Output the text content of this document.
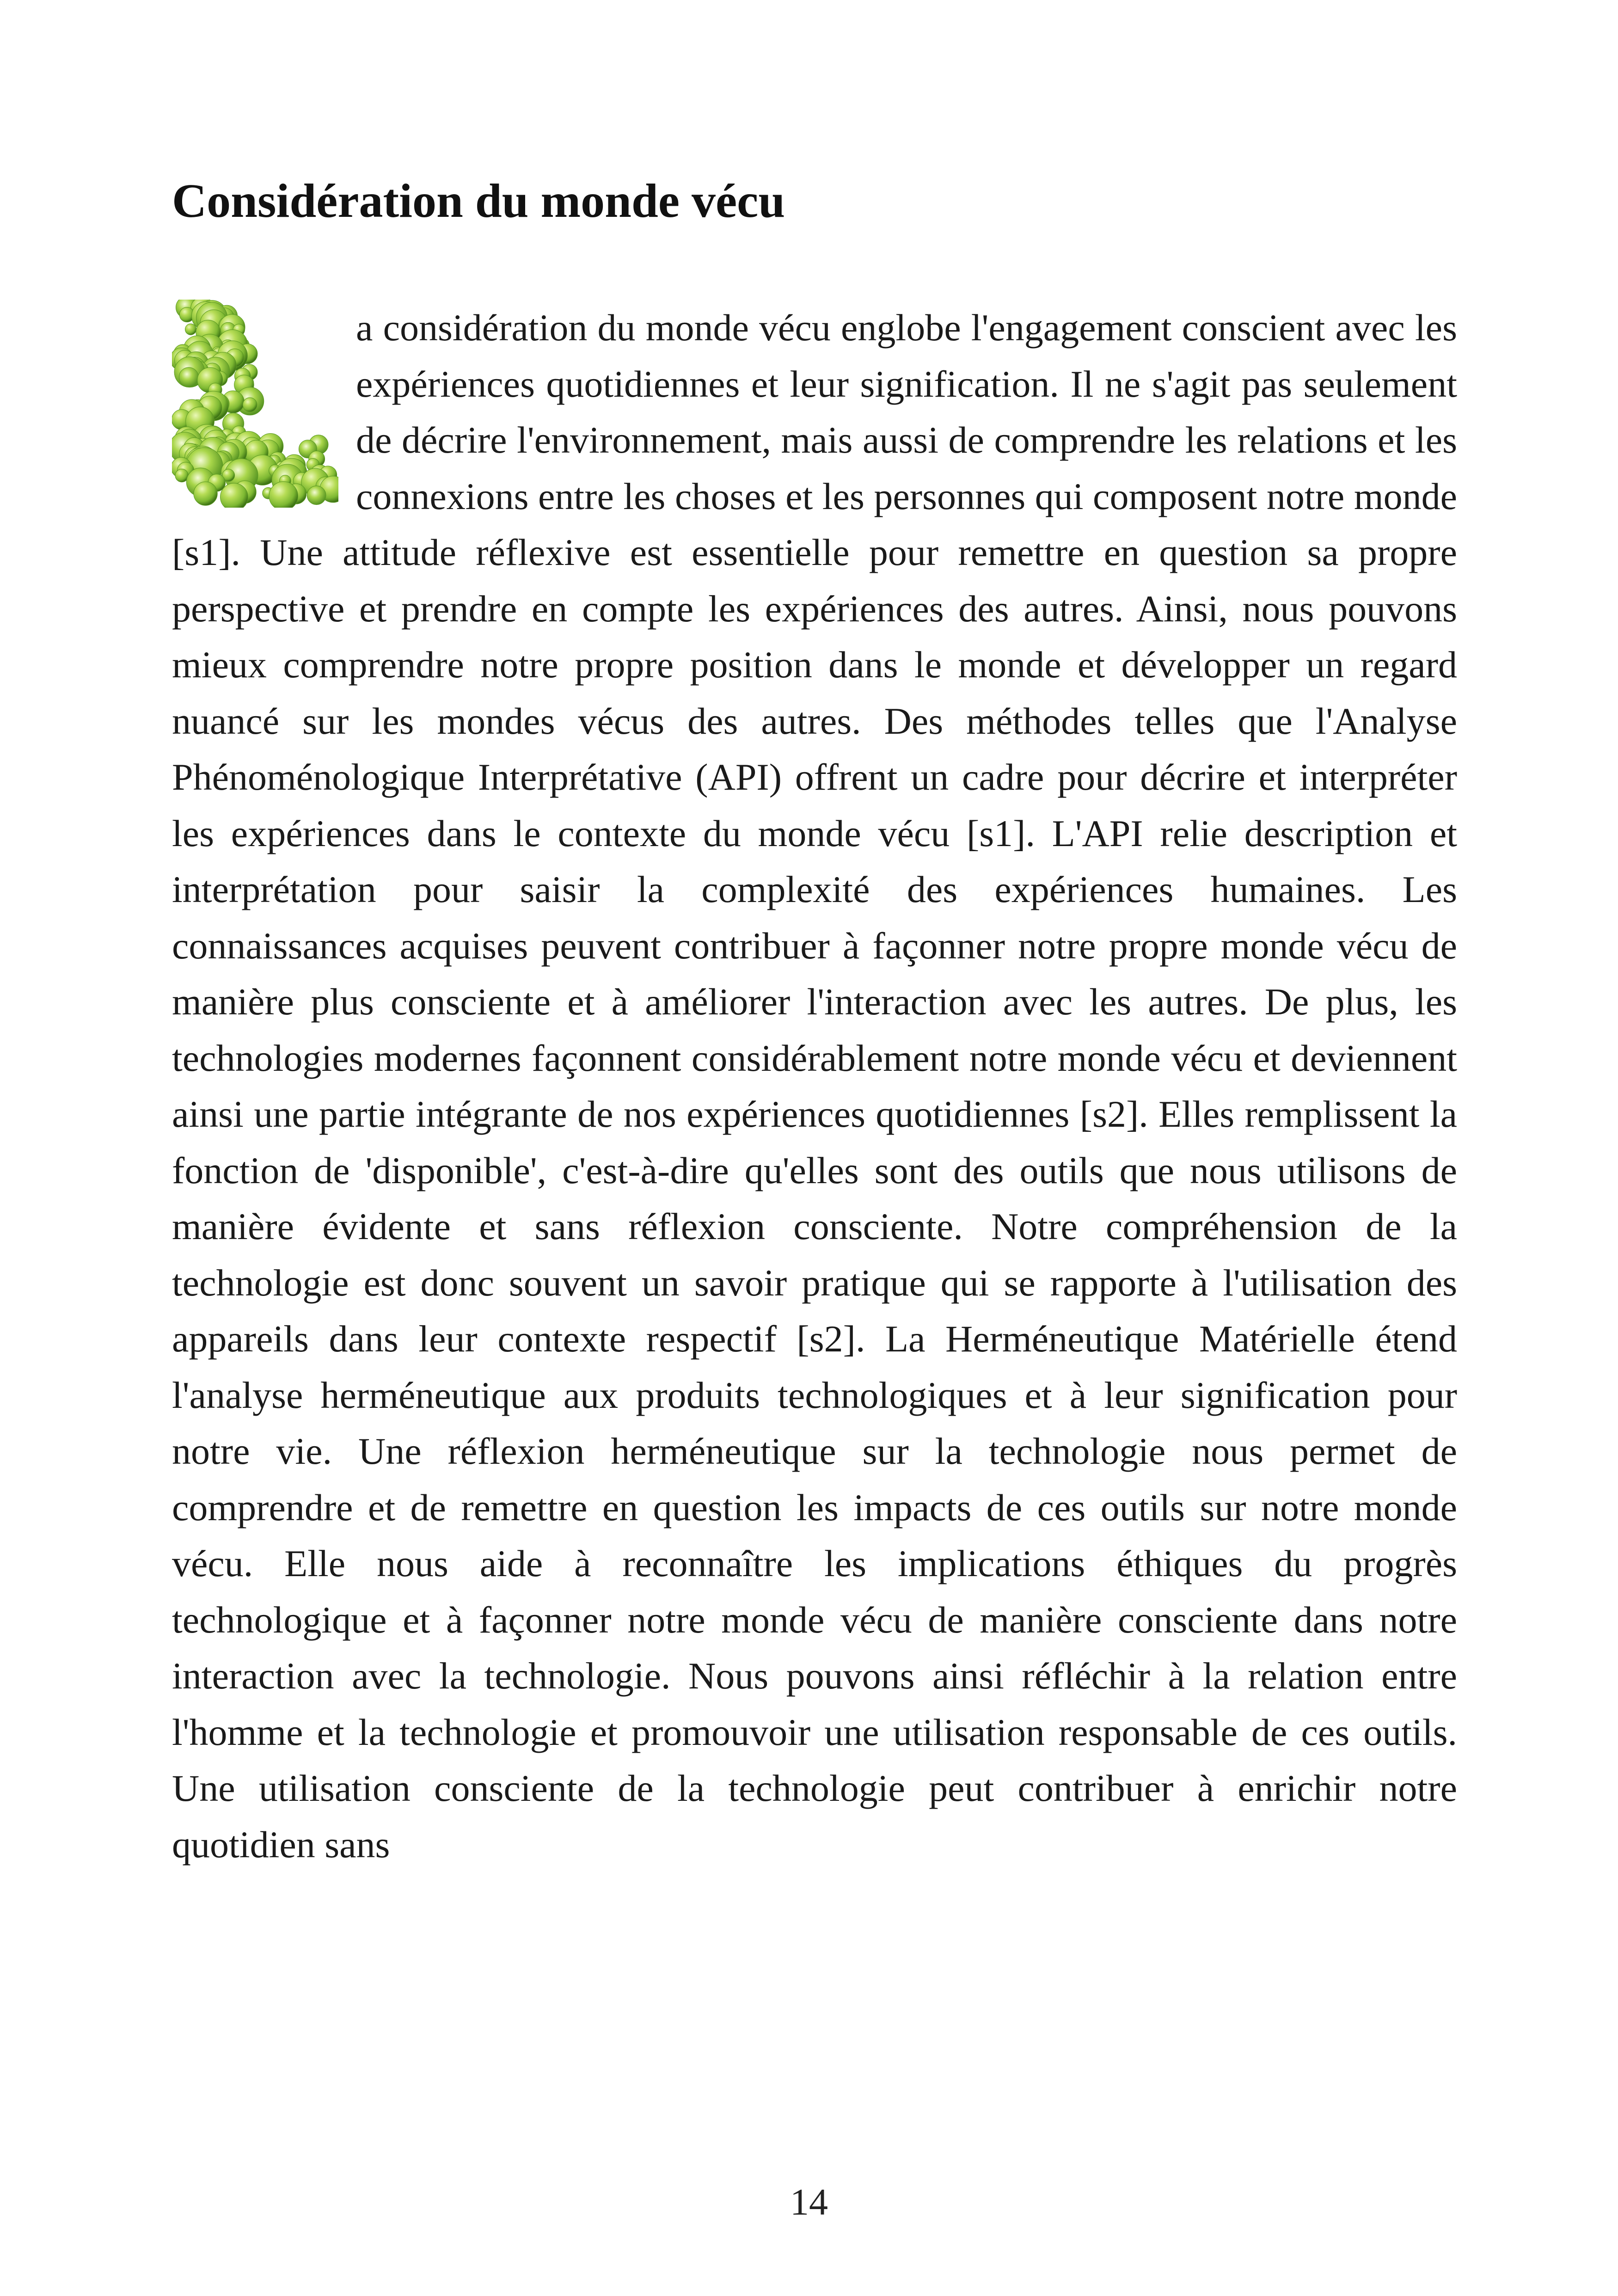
Considération du monde vécu

a considération du monde vécu englobe l'engagement conscient avec les expériences quotidiennes et leur signification. Il ne s'agit pas seulement de décrire l'environnement, mais aussi de comprendre les relations et les connexions entre les choses et les personnes qui composent notre monde [s1]. Une attitude réflexive est essentielle pour remettre en question sa propre perspective et prendre en compte les expériences des autres. Ainsi, nous pouvons mieux comprendre notre propre position dans le monde et développer un regard nuancé sur les mondes vécus des autres. Des méthodes telles que l'Analyse Phénoménologique Interprétative (API) offrent un cadre pour décrire et interpréter les expériences dans le contexte du monde vécu [s1]. L'API relie description et interprétation pour saisir la complexité des expériences humaines. Les connaissances acquises peuvent contribuer à façonner notre propre monde vécu de manière plus consciente et à améliorer l'interaction avec les autres. De plus, les technologies modernes façonnent considérablement notre monde vécu et deviennent ainsi une partie intégrante de nos expériences quotidiennes [s2]. Elles remplissent la fonction de 'disponible', c'est-à-dire qu'elles sont des outils que nous utilisons de manière évidente et sans réflexion consciente. Notre compréhension de la technologie est donc souvent un savoir pratique qui se rapporte à l'utilisation des appareils dans leur contexte respectif [s2]. La Herméneutique Matérielle étend l'analyse herméneutique aux produits technologiques et à leur signification pour notre vie. Une réflexion herméneutique sur la technologie nous permet de comprendre et de remettre en question les impacts de ces outils sur notre monde vécu. Elle nous aide à reconnaître les implications éthiques du progrès technologique et à façonner notre monde vécu de manière consciente dans notre interaction avec la technologie. Nous pouvons ainsi réfléchir à la relation entre l'homme et la technologie et promouvoir une utilisation responsable de ces outils. Une utilisation consciente de la technologie peut contribuer à enrichir notre quotidien sans

14
